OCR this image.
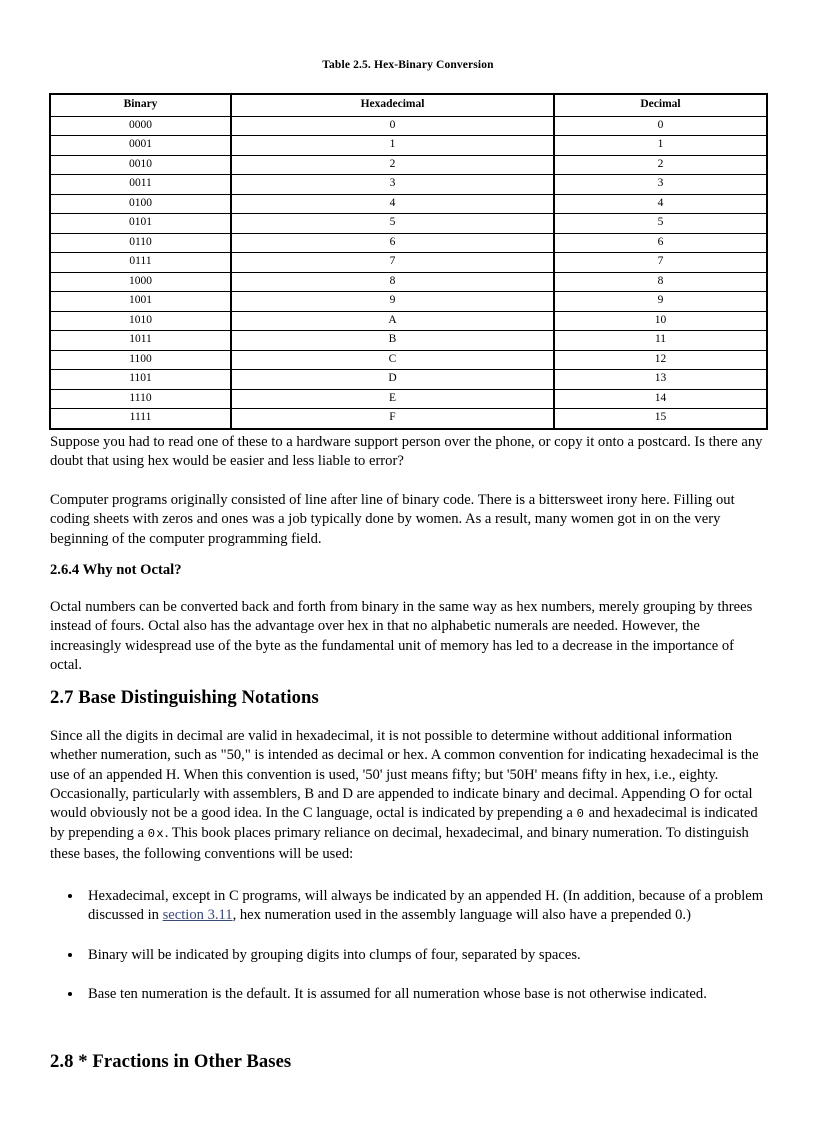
Table 2.5. Hex-Binary Conversion
Binary	Hexadecimal	Decimal
0000	0	0
0001	1	1
0010	2	2
0011	3	3
0100	4	4
0101	5	5
0110	6	6
0111	7	7
1000	8	8
1001	9	9
1010	A	10
1011	B	11
1100	C	12
1101	D	13
1110	E	14
1111	F	15

Suppose you had to read one of these to a hardware support person over the phone, or copy it onto a postcard. Is there any doubt that using hex would be easier and less liable to error?

Computer programs originally consisted of line after line of binary code. There is a bittersweet irony here. Filling out coding sheets with zeros and ones was a job typically done by women. As a result, many women got in on the very beginning of the computer programming field.

2.6.4 Why not Octal?

Octal numbers can be converted back and forth from binary in the same way as hex numbers, merely grouping by threes instead of fours. Octal also has the advantage over hex in that no alphabetic numerals are needed. However, the increasingly widespread use of the byte as the fundamental unit of memory has led to a decrease in the importance of octal.

2.7 Base Distinguishing Notations

Since all the digits in decimal are valid in hexadecimal, it is not possible to determine without additional information whether numeration, such as "50," is intended as decimal or hex. A common convention for indicating hexadecimal is the use of an appended H. When this convention is used, '50' just means fifty; but '50H' means fifty in hex, i.e., eighty. Occasionally, particularly with assemblers, B and D are appended to indicate binary and decimal. Appending O for octal would obviously not be a good idea. In the C language, octal is indicated by prepending a 0 and hexadecimal is indicated by prepending a 0x. This book places primary reliance on decimal, hexadecimal, and binary numeration. To distinguish these bases, the following conventions will be used:

Hexadecimal, except in C programs, will always be indicated by an appended H. (In addition, because of a problem discussed in section 3.11, hex numeration used in the assembly language will also have a prepended 0.)
Binary will be indicated by grouping digits into clumps of four, separated by spaces.
Base ten numeration is the default. It is assumed for all numeration whose base is not otherwise indicated.
2.8 * Fractions in Other Bases
